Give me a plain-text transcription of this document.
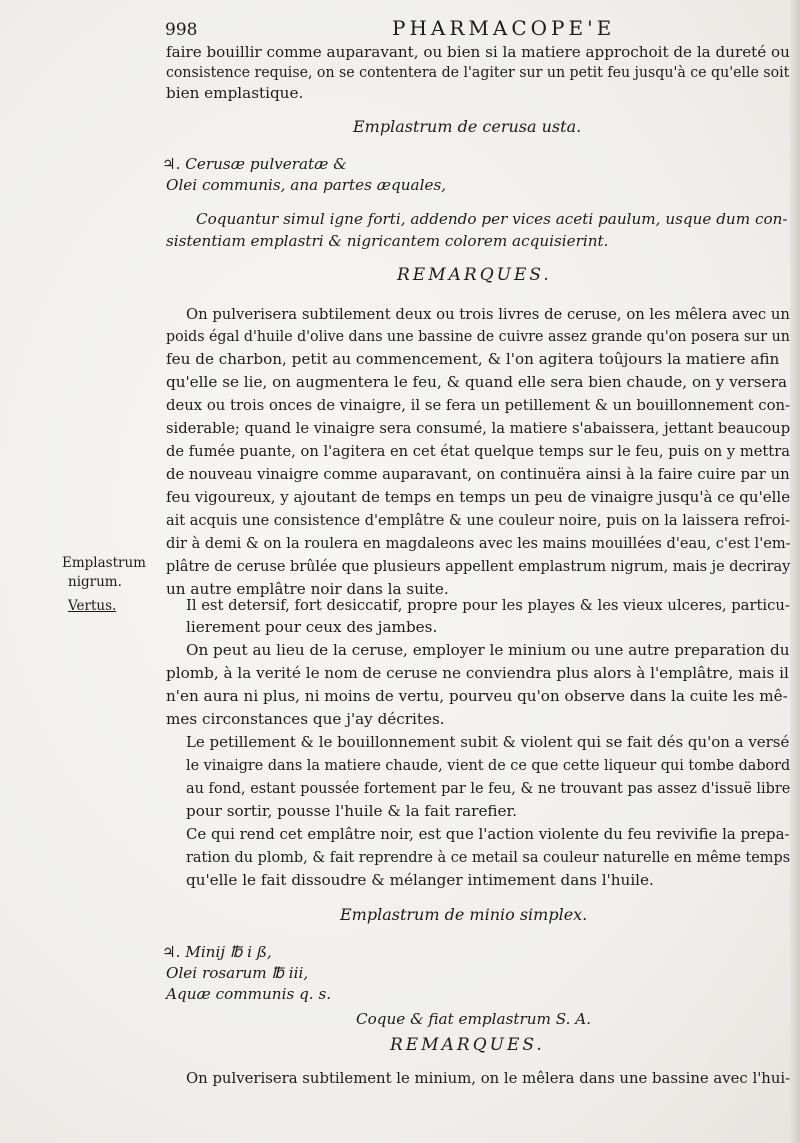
998	PHARMACOPE'E
faire bouillir comme auparavant, ou bien si la matiere approchoit de la dureté ou
consistence requise, on se contentera de l'agiter sur un petit feu jusqu'à ce qu'elle soit
bien emplastique.
Emplastrum de cerusa usta.
♃. Cerusæ pulveratæ &
Olei communis, ana partes æquales,
Coquantur simul igne forti, addendo per vices aceti paulum, usque dum con-
sistentiam emplastri & nigricantem colorem acquisierint.
REMARQUES.
On pulverisera subtilement deux ou trois livres de ceruse, on les mêlera avec un
poids égal d'huile d'olive dans une bassine de cuivre assez grande qu'on posera sur un
feu de charbon, petit au commencement, & l'on agitera toûjours la matiere afin
qu'elle se lie, on augmentera le feu, & quand elle sera bien chaude, on y versera
deux ou trois onces de vinaigre, il se fera un petillement & un bouillonnement con-
siderable; quand le vinaigre sera consumé, la matiere s'abaissera, jettant beaucoup
de fumée puante, on l'agitera en cet état quelque temps sur le feu, puis on y mettra
de nouveau vinaigre comme auparavant, on continuëra ainsi à la faire cuire par un
feu vigoureux, y ajoutant de temps en temps un peu de vinaigre jusqu'à ce qu'elle
ait acquis une consistence d'emplâtre & une couleur noire, puis on la laissera refroi-
dir à demi & on la roulera en magdaleons avec les mains mouillées d'eau, c'est l'em-
plâtre de ceruse brûlée que plusieurs appellent emplastrum nigrum, mais je decriray
un autre emplâtre noir dans la suite.
Emplastrum
nigrum.
Vertus.	Il est detersif, fort desiccatif, propre pour les playes & les vieux ulceres, particu-
lierement pour ceux des jambes.
On peut au lieu de la ceruse, employer le minium ou une autre preparation du
plomb, à la verité le nom de ceruse ne conviendra plus alors à l'emplâtre, mais il
n'en aura ni plus, ni moins de vertu, pourveu qu'on observe dans la cuite les mê-
mes circonstances que j'ay décrites.
Le petillement & le bouillonnement subit & violent qui se fait dés qu'on a versé
le vinaigre dans la matiere chaude, vient de ce que cette liqueur qui tombe dabord
au fond, estant poussée fortement par le feu, & ne trouvant pas assez d'issuë libre
pour sortir, pousse l'huile & la fait rarefier.
Ce qui rend cet emplâtre noir, est que l'action violente du feu revivifie la prepa-
ration du plomb, & fait reprendre à ce metail sa couleur naturelle en même temps
qu'elle le fait dissoudre & mélanger intimement dans l'huile.
Emplastrum de minio simplex.
♃. Minij ℔ i ß,
Olei rosarum ℔ iii,
Aquæ communis q. s.
Coque & fiat emplastrum S. A.
REMARQUES.
On pulverisera subtilement le minium, on le mêlera dans une bassine avec l'hui-
